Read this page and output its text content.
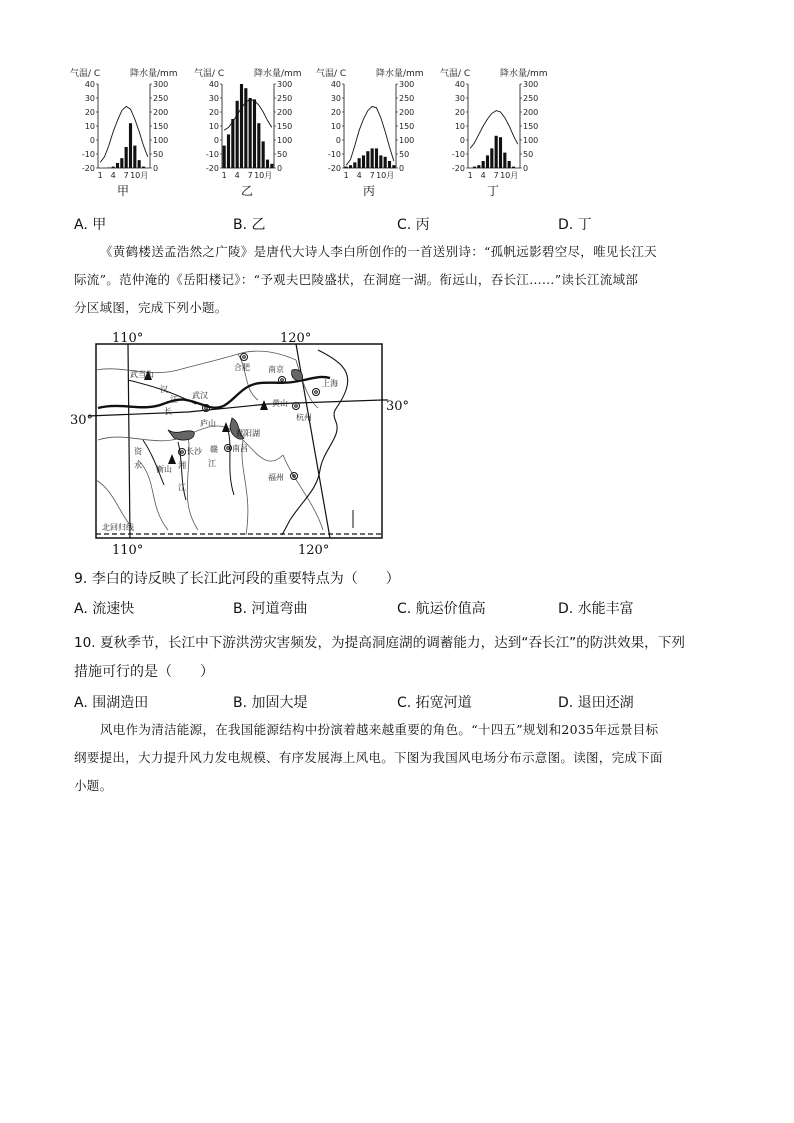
气温/ C	降水量/mm
40
30
20
10
0
-10
-20
300
250
200
150
100
50
0
1 4 7 10月
气温/ C	降水量/mm
40
30
20
10
0
-10
-20
300
250
200
150
100
50
0
1 4 7 10月
气温/ C	降水量/mm
40
30
20
10
0
-10
-20
300
250
200
150
100
50
0
1 4 7 10月
气温/ C	降水量/mm
40
30
20
10
0
-10
-20
300
250
200
150
100
50
0
1 4 7 10月
甲	乙	丙	丁
A. 甲	B. 乙	C. 丙	D. 丁
《黄鹤楼送孟浩然之广陵》是唐代大诗人李白所创作的一首送别诗：“孤帆远影碧空尽，唯见长江天
际流”。范仲淹的《岳阳楼记》：“予观夫巴陵盛状，在洞庭一湖。衔远山，吞长江……”读长江流域部
分区域图，完成下列小题。
110°	120°
110°	120°
30°
30°
武当山
武汉
合肥 南京
上海
黄山
杭州
庐山
鄱阳湖
长沙	南昌
衡山
福州
汉
江
长
资
水	湘
江
赣
江
北回归线
9. 李白的诗反映了长江此河段的重要特点为（　　）
A. 流速快	B. 河道弯曲	C. 航运价值高	D. 水能丰富
10. 夏秋季节，长江中下游洪涝灾害频发，为提高洞庭湖的调蓄能力，达到“吞长江”的防洪效果，下列
措施可行的是（　　）
A. 围湖造田	B. 加固大堤	C. 拓宽河道	D. 退田还湖
风电作为清洁能源，在我国能源结构中扮演着越来越重要的角色。“十四五”规划和2035年远景目标
纲要提出，大力提升风力发电规模、有序发展海上风电。下图为我国风电场分布示意图。读图，完成下面
小题。
